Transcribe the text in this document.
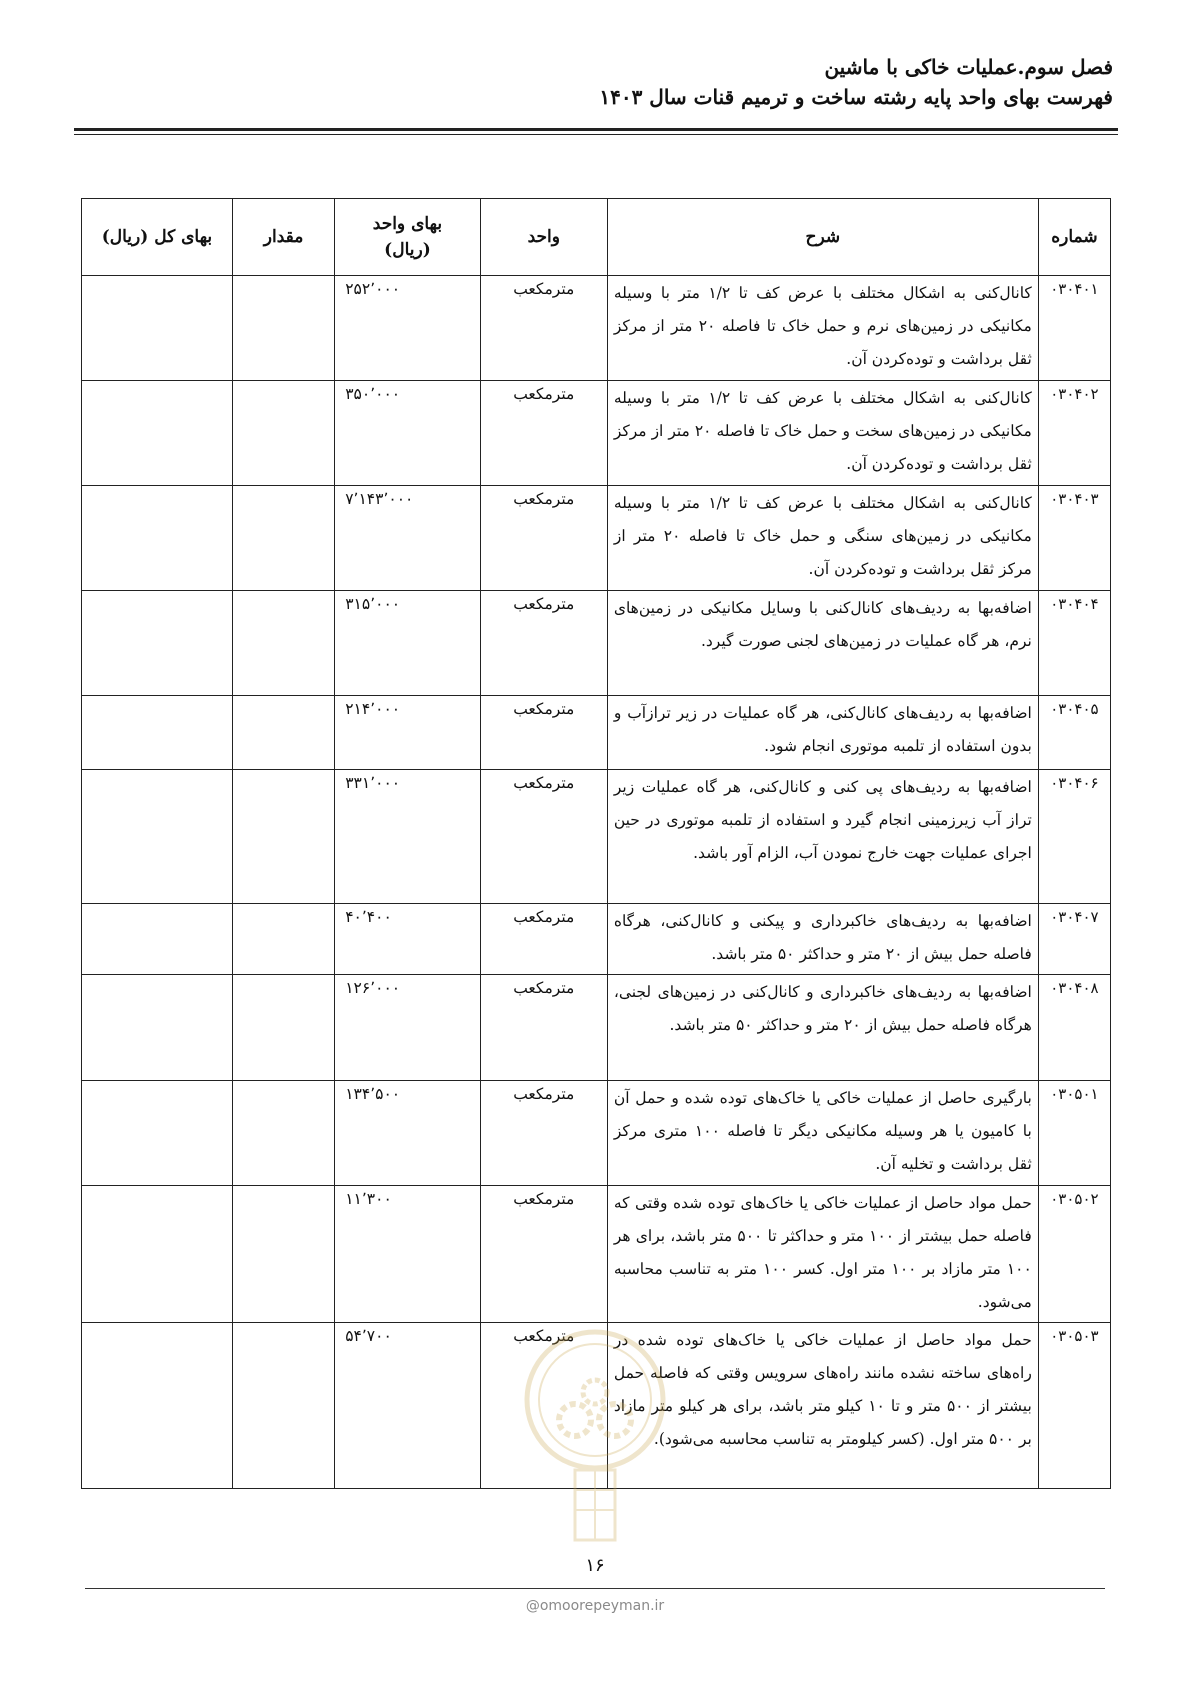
فصل سوم.عملیات خاکی با ماشین

فهرست بهای واحد پایه رشته ساخت و ترمیم قنات سال ۱۴۰۳

شماره	شرح	واحد	بهای واحد
(ریال)	مقدار	بهای کل (ریال)
۰۳۰۴۰۱	کانال‌کنی به اشکال مختلف با عرض کف تا ۱/۲ متر با وسیله مکانیکی در زمین‌های نرم و حمل خاک تا فاصله ۲۰ متر از مرکز ثقل برداشت و توده‌کردن آن.	مترمکعب	۲۵۲٬۰۰۰		
۰۳۰۴۰۲	کانال‌کنی به اشکال مختلف با عرض کف تا ۱/۲ متر با وسیله مکانیکی در زمین‌های سخت و حمل خاک تا فاصله ۲۰ متر از مرکز ثقل برداشت و توده‌کردن آن.	مترمکعب	۳۵۰٬۰۰۰		
۰۳۰۴۰۳	کانال‌کنی به اشکال مختلف با عرض کف تا ۱/۲ متر با وسیله مکانیکی در زمین‌های سنگی و حمل خاک تا فاصله ۲۰ متر از مرکز ثقل برداشت و توده‌کردن آن.	مترمکعب	۷٬۱۴۳٬۰۰۰		
۰۳۰۴۰۴	اضافه‌بها به ردیف‌های کانال‌کنی با وسایل مکانیکی در زمین‌های نرم، هر گاه عملیات در زمین‌های لجنی صورت گیرد.	مترمکعب	۳۱۵٬۰۰۰		
۰۳۰۴۰۵	اضافه‌بها به ردیف‌های کانال‌کنی، هر گاه عملیات در زیر تراز‌آب و بدون استفاده از تلمبه موتوری انجام شود.	مترمکعب	۲۱۴٬۰۰۰		
۰۳۰۴۰۶	اضافه‌بها به ردیف‌های پی کنی و کانال‌کنی، هر گاه عملیات زیر تراز آب زیرزمینی انجام گیرد و استفاده از تلمبه موتوری در حین اجرای عملیات جهت خارج نمودن آب، الزام آور باشد.	مترمکعب	۳۳۱٬۰۰۰		
۰۳۰۴۰۷	اضافه‌بها به ردیف‌های خاکبرداری و پیکنی و کانال‌کنی، هرگاه فاصله حمل بیش از ۲۰ متر و حداکثر ۵۰ متر باشد.	مترمکعب	۴۰٬۴۰۰		
۰۳۰۴۰۸	اضافه‌بها به ردیف‌های خاکبرداری و کانال‌کنی در زمین‌های لجنی، هرگاه فاصله حمل بیش از ۲۰ متر و حداکثر ۵۰ متر باشد.	مترمکعب	۱۲۶٬۰۰۰		
۰۳۰۵۰۱	بارگیری حاصل از عملیات خاکی یا خاک‌های توده شده و حمل آن با کامیون یا هر وسیله مکانیکی دیگر تا فاصله ۱۰۰ متری مرکز ثقل برداشت و تخلیه آن.	مترمکعب	۱۳۴٬۵۰۰		
۰۳۰۵۰۲	حمل مواد حاصل از عملیات خاکی یا خاک‌های توده شده وقتی که فاصله حمل بیشتر از ۱۰۰ متر و حداکثر تا ۵۰۰ متر باشد، برای هر ۱۰۰ متر مازاد بر ۱۰۰ متر اول. کسر ۱۰۰ متر به تناسب محاسبه می‌شود.	مترمکعب	۱۱٬۳۰۰		
۰۳۰۵۰۳	حمل مواد حاصل از عملیات خاکی یا خاک‌های توده شده در راه‌های ساخته نشده مانند راه‌های سرویس وقتی که فاصله حمل بیشتر از ۵۰۰ متر و تا ۱۰ کیلو متر باشد، برای هر کیلو متر مازاد بر ۵۰۰ متر اول. (کسر کیلومتر به تناسب محاسبه می‌شود).	مترمکعب	۵۴٬۷۰۰		
۱۶
@omoorepeyman.ir
